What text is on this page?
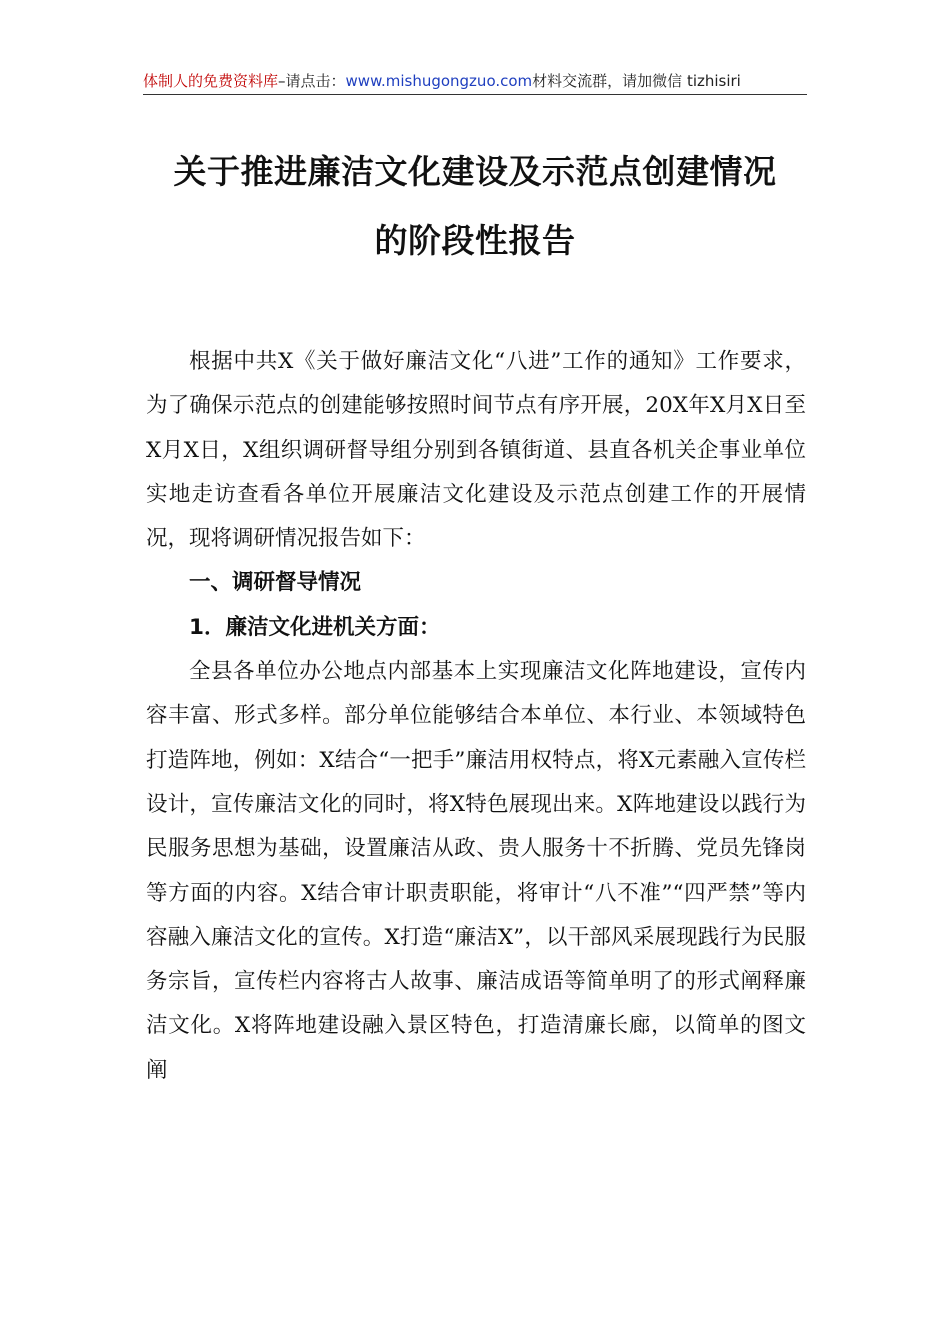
体制人的免费资料库–请点击：www.mishugongzuo.com材料交流群，请加微信 tizhisiri
关于推进廉洁文化建设及示范点创建情况
的阶段性报告

根据中共X《关于做好廉洁文化“八进”工作的通知》工作要求，为了确保示范点的创建能够按照时间节点有序开展，20X年X月X日至X月X日，X组织调研督导组分别到各镇街道、县直各机关企事业单位实地走访查看各单位开展廉洁文化建设及示范点创建工作的开展情况，现将调研情况报告如下：

一、调研督导情况

1．廉洁文化进机关方面：

全县各单位办公地点内部基本上实现廉洁文化阵地建设，宣传内容丰富、形式多样。部分单位能够结合本单位、本行业、本领域特色打造阵地，例如：X结合“一把手”廉洁用权特点，将X元素融入宣传栏设计，宣传廉洁文化的同时，将X特色展现出来。X阵地建设以践行为民服务思想为基础，设置廉洁从政、贵人服务十不折腾、党员先锋岗等方面的内容。X结合审计职责职能，将审计“八不准”“四严禁”等内容融入廉洁文化的宣传。X打造“廉洁X”，以干部风采展现践行为民服务宗旨，宣传栏内容将古人故事、廉洁成语等简单明了的形式阐释廉洁文化。X将阵地建设融入景区特色，打造清廉长廊，以简单的图文阐
